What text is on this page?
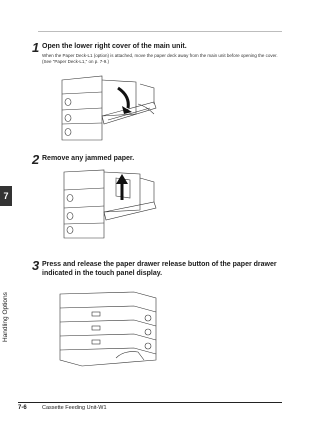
7
Handling Options
1 Open the lower right cover of the main unit.
When the Paper Deck-L1 (option) is attached, move the paper deck away from the main unit before opening the cover. (See "Paper Deck-L1," on p. 7-9.)
2 Remove any jammed paper.
3 Press and release the paper drawer release button of the paper drawer indicated in the touch panel display.
7-6	Cassette Feeding Unit-W1
